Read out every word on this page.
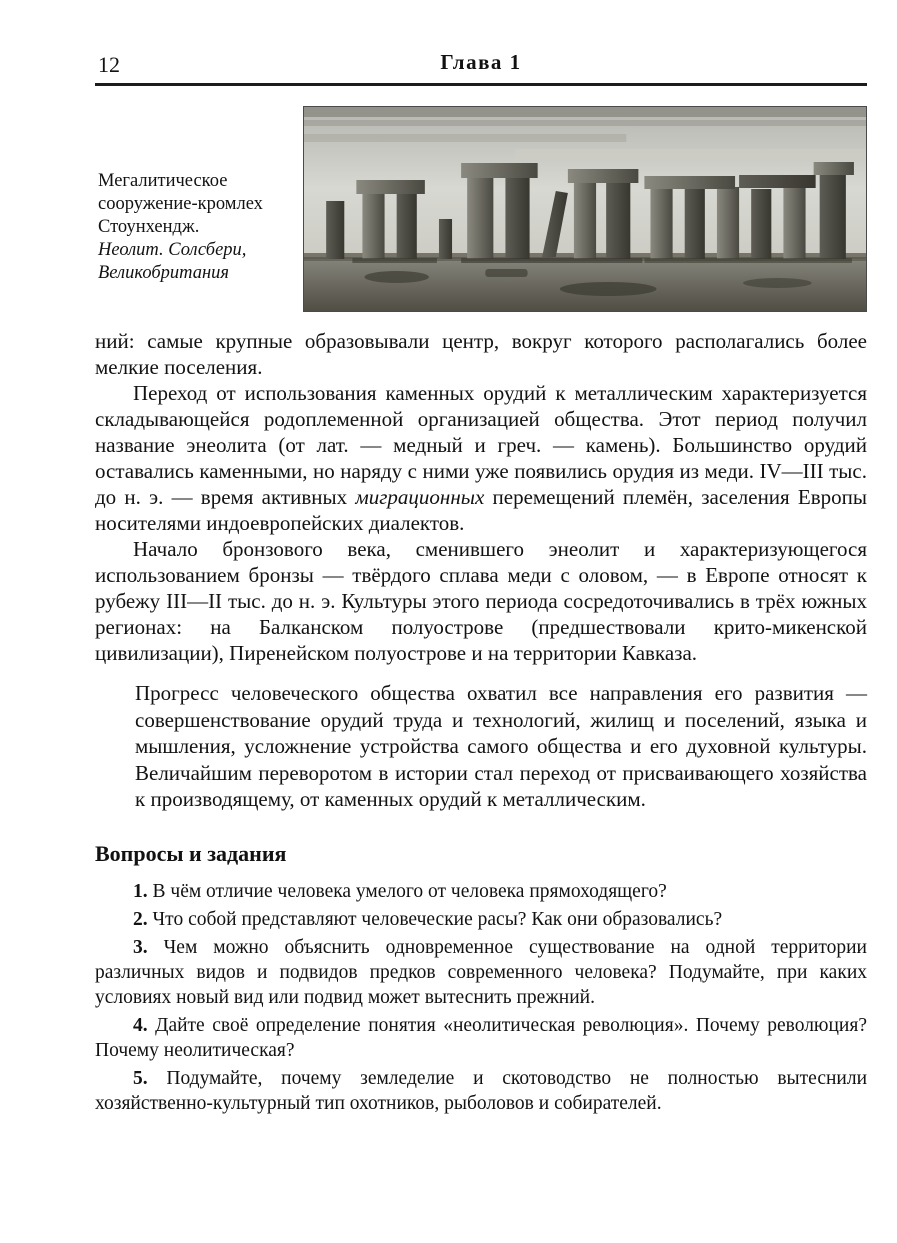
12	Глава 1
Мегалитическое сооружение-кромлех Стоунхендж.
Неолит. Солсбери, Великобритания

ний: самые крупные образовывали центр, вокруг которого располагались более мелкие поселения.

Переход от использования каменных орудий к металлическим характеризуется складывающейся родоплеменной организацией общества. Этот период получил название энеолита (от лат. — медный и греч. — камень). Большинство орудий оставались каменными, но наряду с ними уже появились орудия из меди. IV—III тыс. до н. э. — время активных миграционных перемещений племён, заселения Европы носителями индоевропейских диалектов.

Начало бронзового века, сменившего энеолит и характеризующегося использованием бронзы — твёрдого сплава меди с оловом, — в Европе относят к рубежу III—II тыс. до н. э. Культуры этого периода сосредоточивались в трёх южных регионах: на Балканском полуострове (предшествовали крито-микенской цивилизации), Пиренейском полуострове и на территории Кавказа.

Прогресс человеческого общества охватил все направления его развития — совершенствование орудий труда и технологий, жилищ и поселений, языка и мышления, усложнение устройства самого общества и его духовной культуры. Величайшим переворотом в истории стал переход от присваивающего хозяйства к производящему, от каменных орудий к металлическим.
Вопросы и задания

1. В чём отличие человека умелого от человека прямоходящего?

2. Что собой представляют человеческие расы? Как они образовались?

3. Чем можно объяснить одновременное существование на одной территории различных видов и подвидов предков современного человека? Подумайте, при каких условиях новый вид или подвид может вытеснить прежний.

4. Дайте своё определение понятия «неолитическая революция». Почему революция? Почему неолитическая?

5. Подумайте, почему земледелие и скотоводство не полностью вытеснили хозяйственно-культурный тип охотников, рыболовов и собирателей.
